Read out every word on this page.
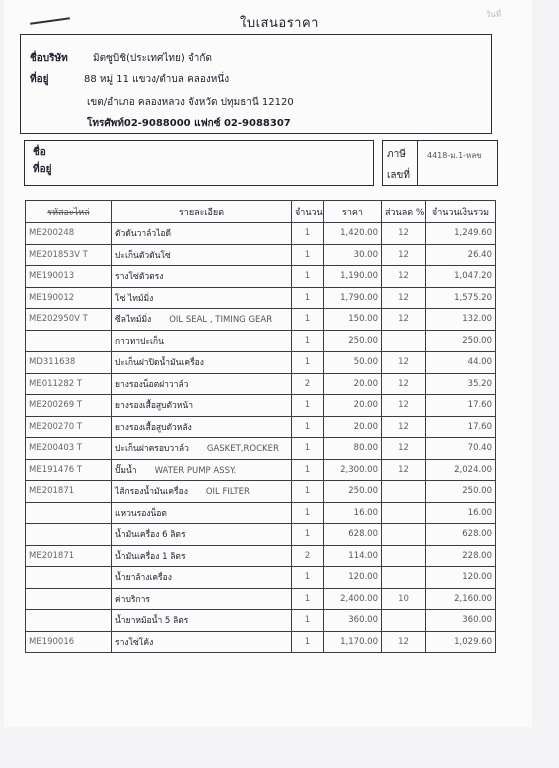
วันที่
ใบเสนอราคา
ชื่อบริษัท	มิตซูบิชิ(ประเทศไทย) จำกัด
ที่อยู่	88 หมู่ 11 แขวง/ตำบล คลองหนึ่ง
เขต/อำเภอ คลองหลวง จังหวัด ปทุมธานี 12120
โทรศัพท์02-9088000 แฟกซ์ 02-9088307
ชื่อ
ที่อยู่
ภาษี
เลขที่
4418-ม.1-หลข
รหัสอะไหล่	รายละเอียด	จำนวน	ราคา	ส่วนลด %	จำนวนเงินรวม
ME200248	ตัวดันวาล์วไอดี	1	1,420.00	12	1,249.60
ME201853V T	ปะเก็นตัวดันโซ่	1	30.00	12	26.40
ME190013	รางโซ่ตัวตรง	1	1,190.00	12	1,047.20
ME190012	โซ่ ไทม์มิ่ง	1	1,790.00	12	1,575.20
ME202950V T	ซีลไทม์มิ่ง OIL SEAL , TIMING GEAR	1	150.00	12	132.00
	กาวทาปะเก็น	1	250.00		250.00
MD311638	ปะเก็นฝาปิดน้ำมันเครื่อง	1	50.00	12	44.00
ME011282 T	ยางรองน็อตฝาวาล์ว	2	20.00	12	35.20
ME200269 T	ยางรองเสื้อสูบตัวหน้า	1	20.00	12	17.60
ME200270 T	ยางรองเสื้อสูบตัวหลัง	1	20.00	12	17.60
ME200403 T	ปะเก็นฝาครอบวาล์ว GASKET,ROCKER	1	80.00	12	70.40
ME191476 T	ปั๊มน้ำ WATER PUMP ASSY.	1	2,300.00	12	2,024.00
ME201871	ไส้กรองน้ำมันเครื่อง OIL FILTER	1	250.00		250.00
	แหวนรองน็อต	1	16.00		16.00
	น้ำมันเครื่อง 6 ลิตร	1	628.00		628.00
ME201871	น้ำมันเครื่อง 1 ลิตร	2	114.00		228.00
	น้ำยาล้างเครื่อง	1	120.00		120.00
	ค่าบริการ	1	2,400.00	10	2,160.00
	น้ำยาหม้อน้ำ 5 ลิตร	1	360.00		360.00
ME190016	รางโซ่โค้ง	1	1,170.00	12	1,029.60
